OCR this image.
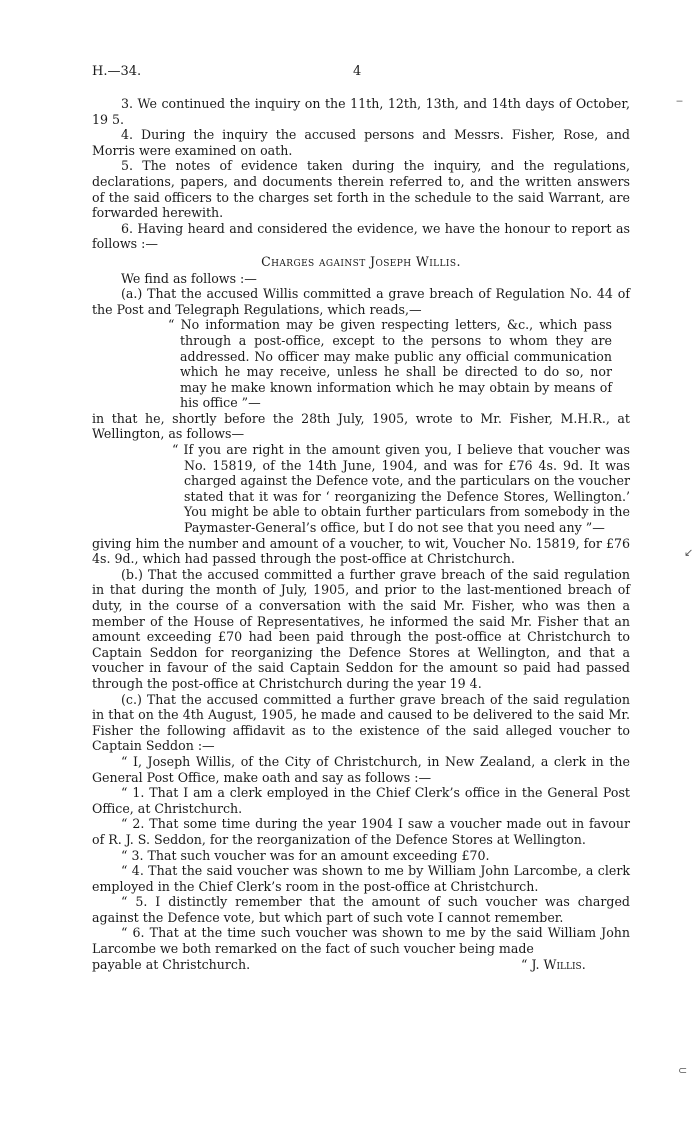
H.—34.	4

3. We continued the inquiry on the 11th, 12th, 13th, and 14th days of October, 19 5.

4. During the inquiry the accused persons and Messrs. Fisher, Rose, and Morris were examined on oath.

5. The notes of evidence taken during the inquiry, and the regulations, declarations, papers, and documents therein referred to, and the written answers of the said officers to the charges set forth in the schedule to the said Warrant, are forwarded herewith.

6. Having heard and considered the evidence, we have the honour to report as follows :—

Charges against Joseph Willis.

We find as follows :—

(a.) That the accused Willis committed a grave breach of Regulation No. 44 of the Post and Telegraph Regulations, which reads,—

“ No information may be given respecting letters, &c., which pass through a post-office, except to the persons to whom they are addressed. No officer may make public any official communication which he may receive, unless he shall be directed to do so, nor may he make known information which he may obtain by means of his office ”—

in that he, shortly before the 28th July, 1905, wrote to Mr. Fisher, M.H.R., at Wellington, as follows—

“ If you are right in the amount given you, I believe that voucher was No. 15819, of the 14th June, 1904, and was for £76 4s. 9d. It was charged against the Defence vote, and the particulars on the voucher stated that it was for ‘ reorganizing the Defence Stores, Wellington.’ You might be able to obtain further particulars from somebody in the Paymaster-General’s office, but I do not see that you need any ”—

giving him the number and amount of a voucher, to wit, Voucher No. 15819, for £76 4s. 9d., which had passed through the post-office at Christchurch.

(b.) That the accused committed a further grave breach of the said regulation in that during the month of July, 1905, and prior to the last-mentioned breach of duty, in the course of a conversation with the said Mr. Fisher, who was then a member of the House of Representatives, he informed the said Mr. Fisher that an amount exceeding £70 had been paid through the post-office at Christchurch to Captain Seddon for reorganizing the Defence Stores at Wellington, and that a voucher in favour of the said Captain Seddon for the amount so paid had passed through the post-office at Christchurch during the year 19 4.

(c.) That the accused committed a further grave breach of the said regulation in that on the 4th August, 1905, he made and caused to be delivered to the said Mr. Fisher the following affidavit as to the existence of the said alleged voucher to Captain Seddon :—

“ I, Joseph Willis, of the City of Christchurch, in New Zealand, a clerk in the General Post Office, make oath and say as follows :—

“ 1. That I am a clerk employed in the Chief Clerk’s office in the General Post Office, at Christchurch.

“ 2. That some time during the year 1904 I saw a voucher made out in favour of R. J. S. Seddon, for the reorganization of the Defence Stores at Wellington.

“ 3. That such voucher was for an amount exceeding £70.

“ 4. That the said voucher was shown to me by William John Larcombe, a clerk employed in the Chief Clerk’s room in the post-office at Christchurch.

“ 5. I distinctly remember that the amount of such voucher was charged against the Defence vote, but which part of such vote I cannot remember.

“ 6. That at the time such voucher was shown to me by the said William John Larcombe we both remarked on the fact of such voucher being made

payable at Christchurch.	“ J. Willis.
‒
↙
⊂
